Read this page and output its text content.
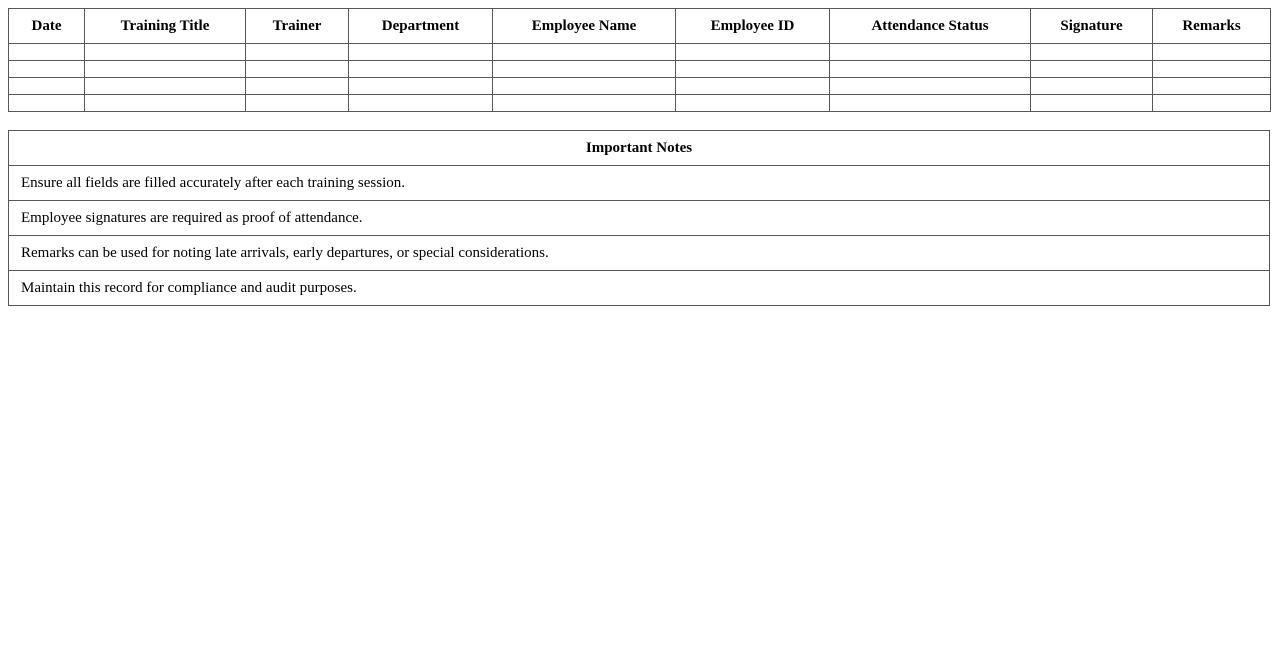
Date	Training Title	Trainer	Department	Employee Name	Employee ID	Attendance Status	Signature	Remarks

Important Notes
Ensure all fields are filled accurately after each training session.
Employee signatures are required as proof of attendance.
Remarks can be used for noting late arrivals, early departures, or special considerations.
Maintain this record for compliance and audit purposes.
